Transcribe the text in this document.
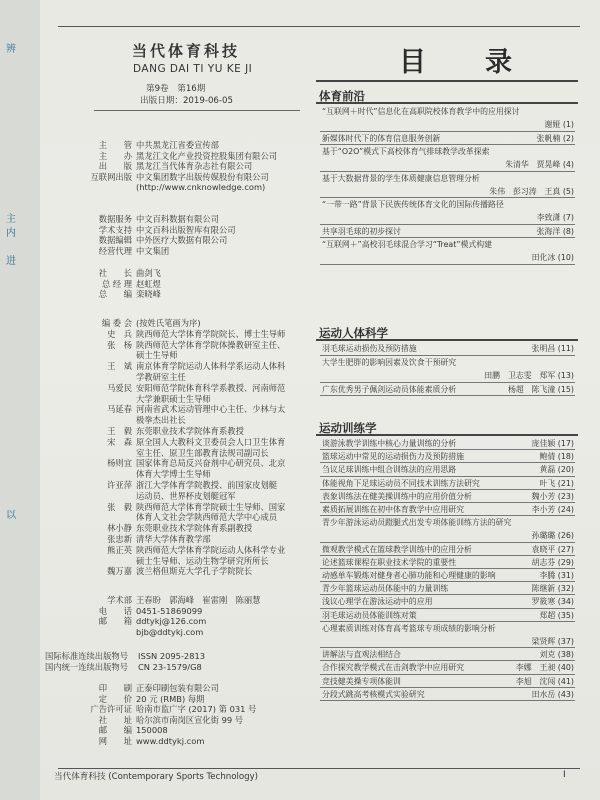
辨
主
内
进
以
当代体育科技
DANG DAI TI YU KE JI
第9卷　第16期
出版日期：2019-06-05
主　　管 中共黑龙江省委宣传部
主　　办 黑龙江文化产业投资控股集团有限公司
出　　版 黑龙江当代体育杂志社有限公司
互联网出版 中文集团数字出版传媒股份有限公司
(http://www.cnknowledge.com)
数据服务 中文百科数据有限公司
学术支持 中文百科出版智库有限公司
数据编辑 中外医疗大数据有限公司
经营代理 中文集团
社　　长 曲剑飞
总 经 理 赵虹煜
总　　编 栾晓峰
编 委 会 (按姓氏笔画为序)
史　兵 陕西师范大学体育学院院长、博士生导师
张　杨 陕西师范大学体育学院体操教研室主任、
硕士生导师
王　斌 南京体育学院运动人体科学系运动人体科
学教研室主任
马爱民 安阳师范学院体育科学系教授、河南师范
大学兼职硕士生导师
马延春 河南省武术运动管理中心主任、少林与太
极拳杰出社长
王　毅 东莞职业技术学院体育系教授
宋　森 原全国人大教科文卫委员会人口卫生体育
室主任、原卫生部教育法规司副司长
杨则宜 国家体育总局反兴奋剂中心研究员、北京
体育大学博士生导师
许亚萍 浙江大学体育学院教授、前国家皮划艇
运动员、世界杯皮划艇冠军
张　毅 陕西师范大学体育学院硕士生导师、国家
体育人文社会学陕西师范大学中心成员
林小静 东莞职业技术学院体育系副教授
张忠新 清华大学体育教学部
熊正英 陕西师范大学体育学院运动人体科学专业
硕士生导师、运动生物学研究所所长
魏万嘉 波兰格但斯克大学孔子学院院长
学术部 王春盼　郭海峰　崔雷刚　陈丽慧
电　　话 0451-51869099
邮　　箱 ddtykj@126.com
bjb@ddtykj.com
国际标准连续出版物号 ISSN 2095-2813
国内统一连续出版物号 CN 23-1579/G8
印　　刷 正泰印刷包装有限公司
定　　价 20 元 (RMB) 每期
广告许可证 哈南市监广字 (2017) 第 031 号
社　　址 哈尔滨市南岗区宣化街 99 号
邮　　编 150008
网　　址 www.ddtykj.com
目　录
体育前沿
“互联网＋时代”信息化在高职院校体育教学中的应用探讨
谢娅 (1)
新媒体时代下的体育信息服务创新	张帆楠 (2)
基于“O2O”模式下高校体育气排球教学改革探索
朱清华　贾晃峰 (4)
基于大数据背景的学生体质健康信息管理分析
朱伟　彭习涛　王真 (5)
“一带一路”背景下民族传统体育文化的国际传播路径
李致潇 (7)
共享羽毛球的初步探讨	张海洋 (8)
“互联网＋”高校羽毛球混合学习“Treat”模式构建
田化冰 (10)
运动人体科学
羽毛球运动损伤及预防措施	张明昌 (11)
大学生肥胖的影响因素及饮食干预研究
田鹏　卫志雯　郑军 (13)
广东优秀男子佩剑运动员体能素质分析	杨超　陈飞潼 (15)
运动训练学
谈游泳教学训练中核心力量训练的分析	庞佳颖 (17)
篮球运动中常见的运动损伤力及预防措施	鲍倩 (18)
刍议足球训练中组合训练法的应用思路	黄磊 (20)
体能视角下足球运动员不同技术训练方法研究	叶飞 (21)
表象训练法在健美操训练中的应用价值分析	魏小芳 (23)
素质拓展训练在初中体育教学中应用研究	李小芳 (24)
青少年游泳运动员蹬腿式出发专项体能训练方法的研究
孙璐璐 (26)
微观教学模式在篮球教学训练中的应用分析	袁晓平 (27)
论述篮球课程在职业技术学院的重要性	胡志芬 (29)
动感单车锻炼对健身者心肺功能和心理健康的影响	李腾 (31)
青少年篮球运动员体能中的力量训练	陈继新 (32)
浅议心理学在游泳运动中的应用	罗筱寒 (34)
羽毛球运动员体能训练对策	郑超 (35)
心理素质训练对体育高考篮球专项成绩的影响分析
梁贤辉 (37)
讲解法与直观法相结合	刘克 (38)
合作探究教学模式在击剑教学中应用研究	李娜　王昶 (40)
竞技健美操专项体能训	李旭　沈闯 (41)
分段式跳高考核模式实验研究	田水岳 (43)
当代体育科技 (Contemporary Sports Technology)	I
